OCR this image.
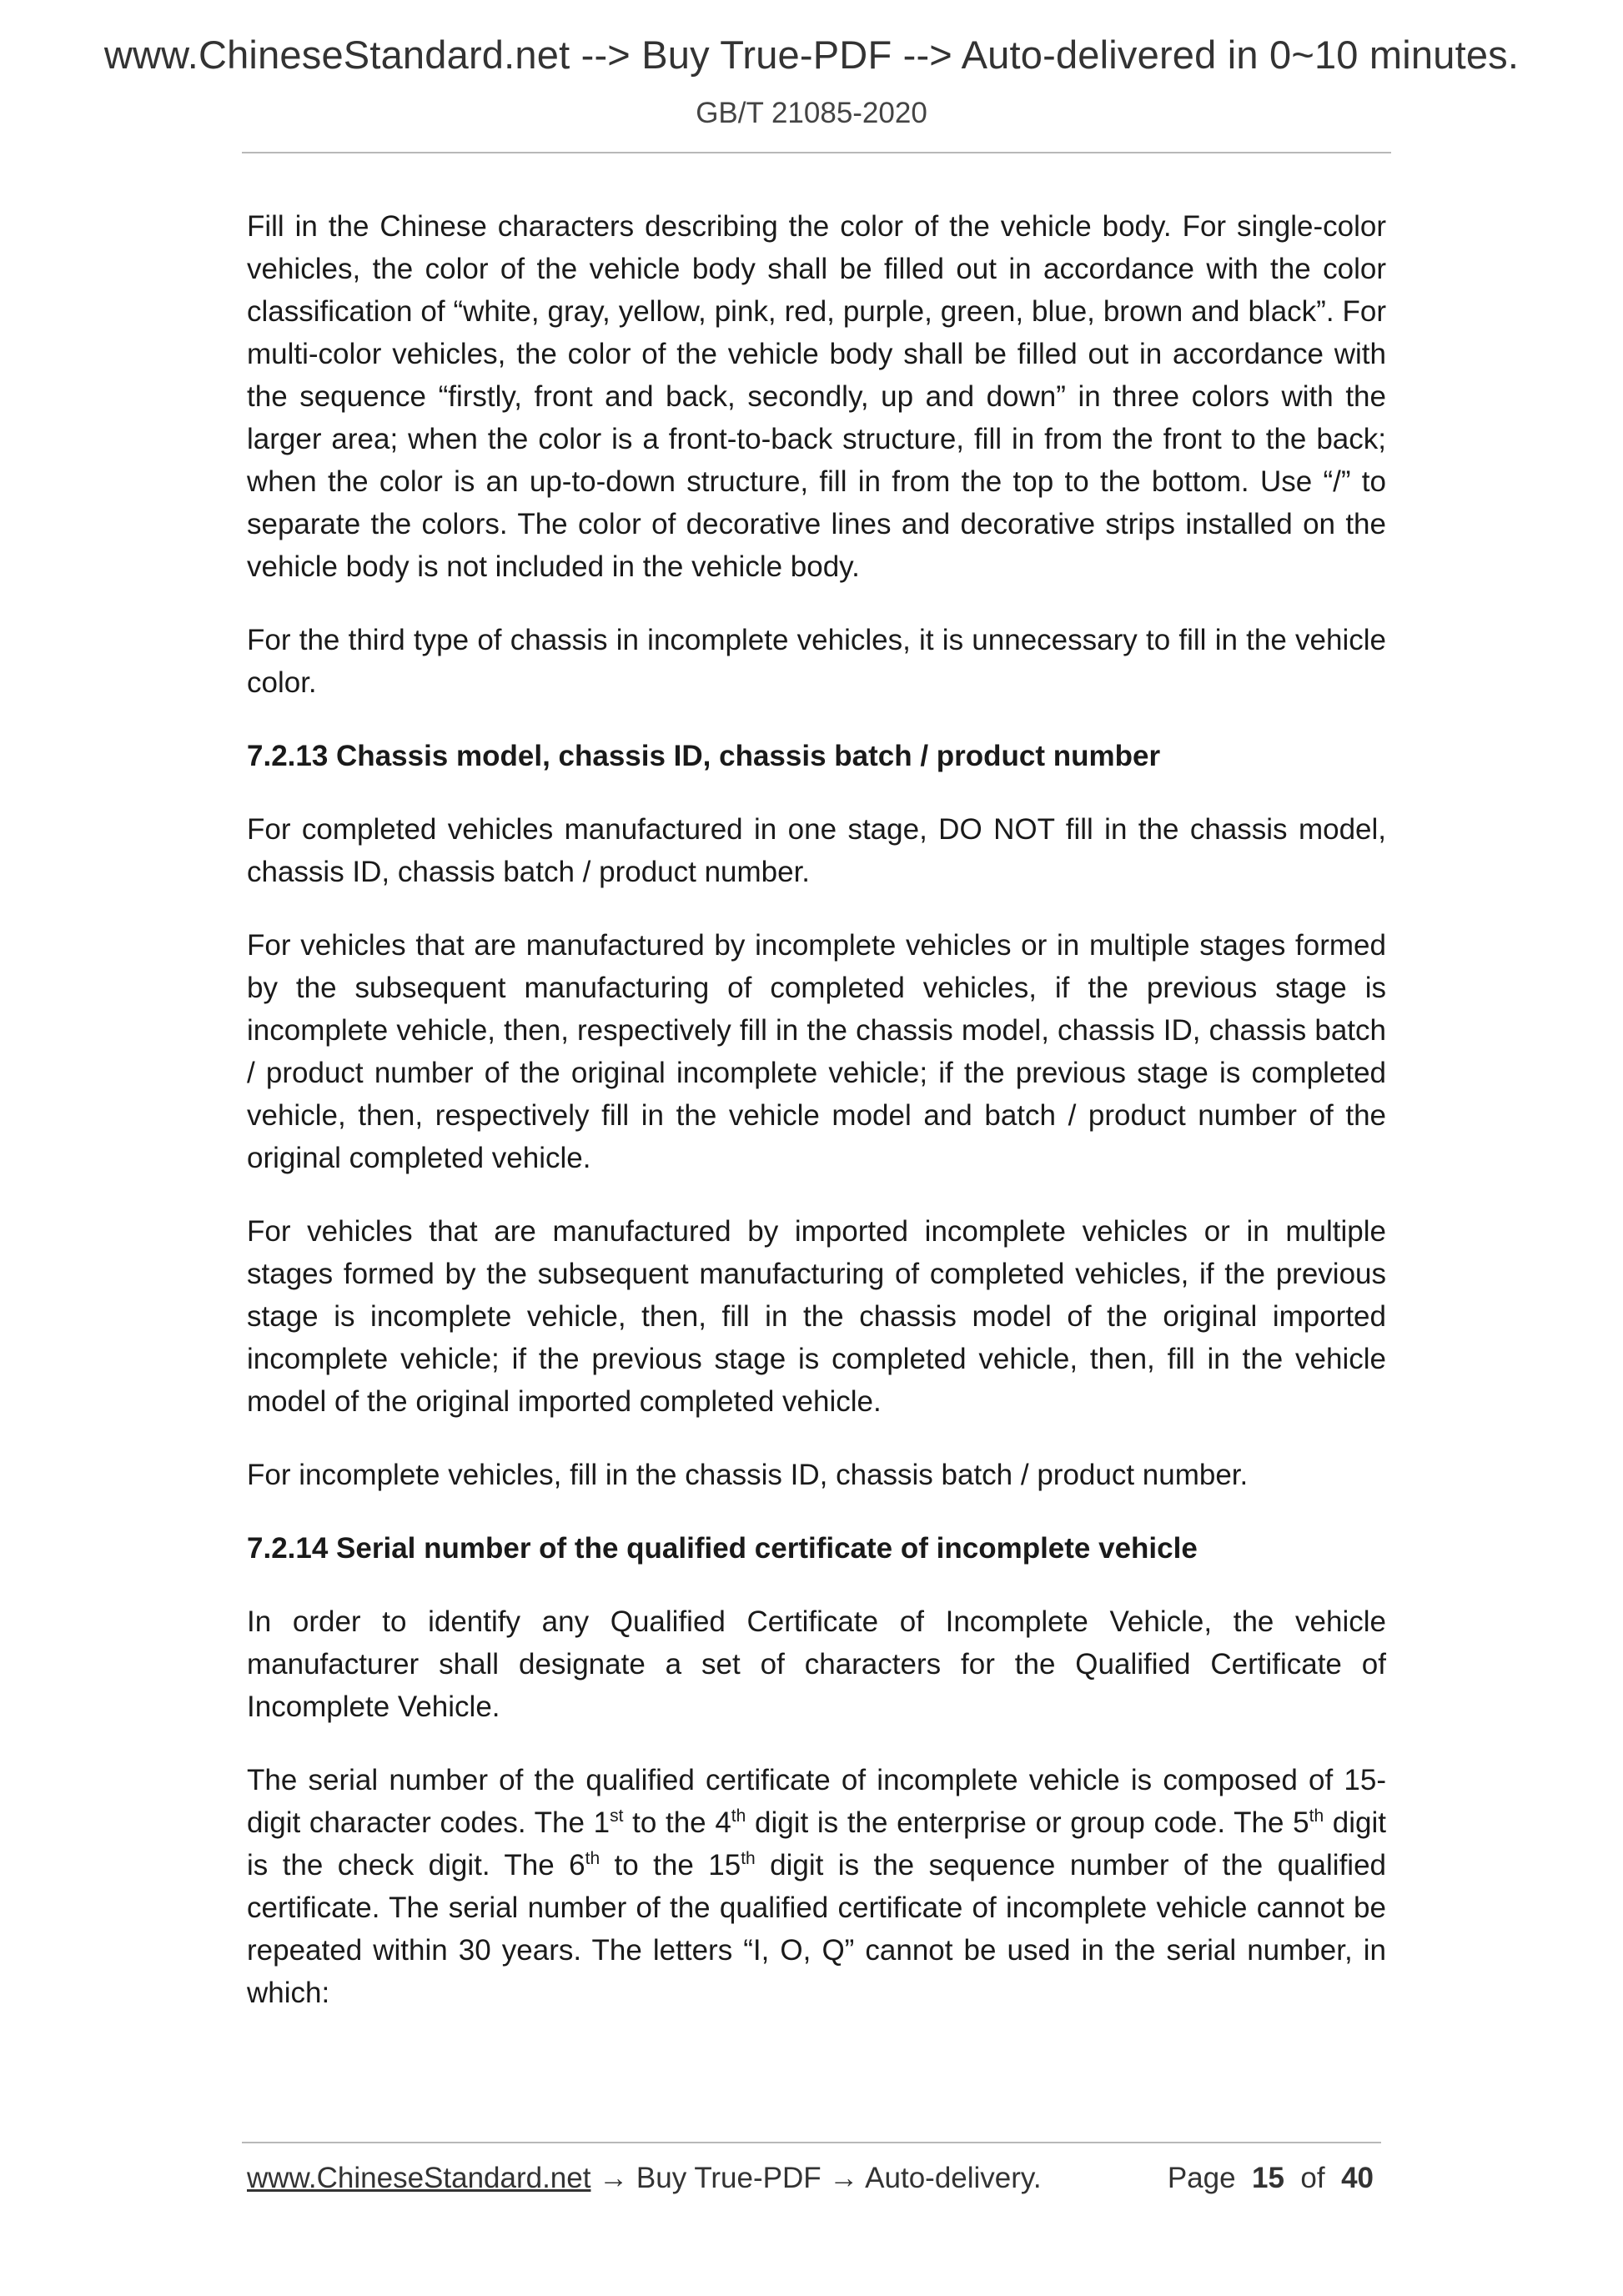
www.ChineseStandard.net --> Buy True-PDF --> Auto-delivered in 0~10 minutes.
GB/T 21085-2020

Fill in the Chinese characters describing the color of the vehicle body. For single-color vehicles, the color of the vehicle body shall be filled out in accordance with the color classification of “white, gray, yellow, pink, red, purple, green, blue, brown and black”. For multi-color vehicles, the color of the vehicle body shall be filled out in accordance with the sequence “firstly, front and back, secondly, up and down” in three colors with the larger area; when the color is a front-to-back structure, fill in from the front to the back; when the color is an up-to-down structure, fill in from the top to the bottom. Use “/” to separate the colors. The color of decorative lines and decorative strips installed on the vehicle body is not included in the vehicle body.

For the third type of chassis in incomplete vehicles, it is unnecessary to fill in the vehicle color.

7.2.13 Chassis model, chassis ID, chassis batch / product number

For completed vehicles manufactured in one stage, DO NOT fill in the chassis model, chassis ID, chassis batch / product number.

For vehicles that are manufactured by incomplete vehicles or in multiple stages formed by the subsequent manufacturing of completed vehicles, if the previous stage is incomplete vehicle, then, respectively fill in the chassis model, chassis ID, chassis batch / product number of the original incomplete vehicle; if the previous stage is completed vehicle, then, respectively fill in the vehicle model and batch / product number of the original completed vehicle.

For vehicles that are manufactured by imported incomplete vehicles or in multiple stages formed by the subsequent manufacturing of completed vehicles, if the previous stage is incomplete vehicle, then, fill in the chassis model of the original imported incomplete vehicle; if the previous stage is completed vehicle, then, fill in the vehicle model of the original imported completed vehicle.

For incomplete vehicles, fill in the chassis ID, chassis batch / product number.

7.2.14 Serial number of the qualified certificate of incomplete vehicle

In order to identify any Qualified Certificate of Incomplete Vehicle, the vehicle manufacturer shall designate a set of characters for the Qualified Certificate of Incomplete Vehicle.

The serial number of the qualified certificate of incomplete vehicle is composed of 15-digit character codes. The 1st to the 4th digit is the enterprise or group code. The 5th digit is the check digit. The 6th to the 15th digit is the sequence number of the qualified certificate. The serial number of the qualified certificate of incomplete vehicle cannot be repeated within 30 years. The letters “I, O, Q” cannot be used in the serial number, in which:

www.ChineseStandard.net → Buy True-PDF → Auto-delivery.	Page 15 of 40
